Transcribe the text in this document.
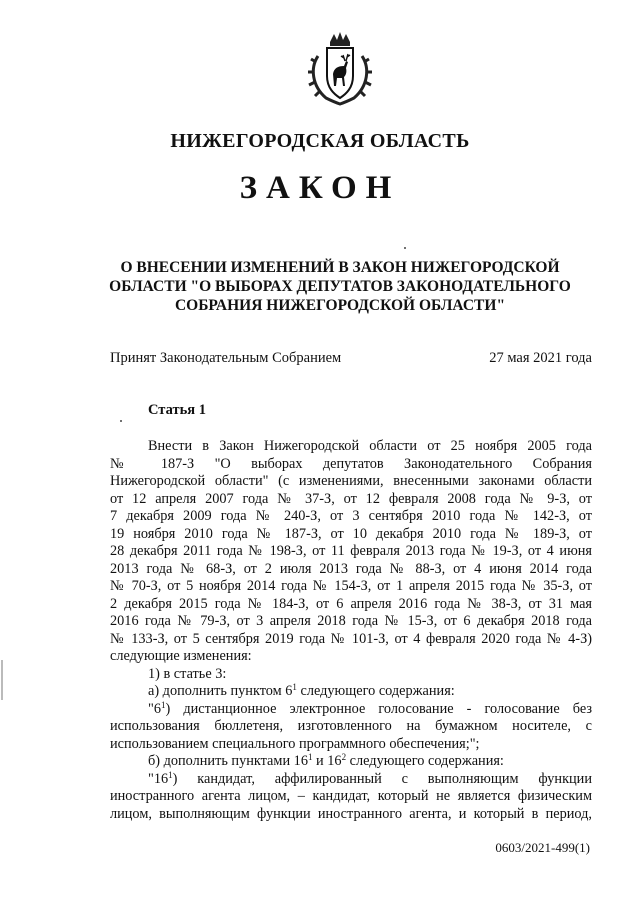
НИЖЕГОРОДСКАЯ ОБЛАСТЬ
ЗАКОН
О ВНЕСЕНИИ ИЗМЕНЕНИЙ В ЗАКОН НИЖЕГОРОДСКОЙ
ОБЛАСТИ "О ВЫБОРАХ ДЕПУТАТОВ ЗАКОНОДАТЕЛЬНОГО
СОБРАНИЯ НИЖЕГОРОДСКОЙ ОБЛАСТИ"
Принят Законодательным Собранием	27 мая 2021 года
Статья 1
Внести в Закон Нижегородской области от 25 ноября 2005 года
№ 187-З "О выборах депутатов Законодательного Собрания
Нижегородской области" (с изменениями, внесенными законами области
от 12 апреля 2007 года № 37-З, от 12 февраля 2008 года № 9-З, от
7 декабря 2009 года № 240-З, от 3 сентября 2010 года № 142-З, от
19 ноября 2010 года № 187-З, от 10 декабря 2010 года № 189-З, от
28 декабря 2011 года № 198-З, от 11 февраля 2013 года № 19-З, от 4 июня
2013 года № 68-З, от 2 июля 2013 года № 88-З, от 4 июня 2014 года
№ 70-З, от 5 ноября 2014 года № 154-З, от 1 апреля 2015 года № 35-З, от
2 декабря 2015 года № 184-З, от 6 апреля 2016 года № 38-З, от 31 мая
2016 года № 79-З, от 3 апреля 2018 года № 15-З, от 6 декабря 2018 года
№ 133-З, от 5 сентября 2019 года № 101-З, от 4 февраля 2020 года № 4-З)
следующие изменения:
1) в статье 3:
а) дополнить пунктом $6^1$ следующего содержания:
"$6^1$) дистанционное электронное голосование - голосование без
использования бюллетеня, изготовленного на бумажном носителе, с
использованием специального программного обеспечения;";
б) дополнить пунктами $16^1$ и $16^2$ следующего содержания:
"$16^1$) кандидат, аффилированный с выполняющим функции
иностранного агента лицом, – кандидат, который не является физическим
лицом, выполняющим функции иностранного агента, и который в период,
0603/2021-499(1)
